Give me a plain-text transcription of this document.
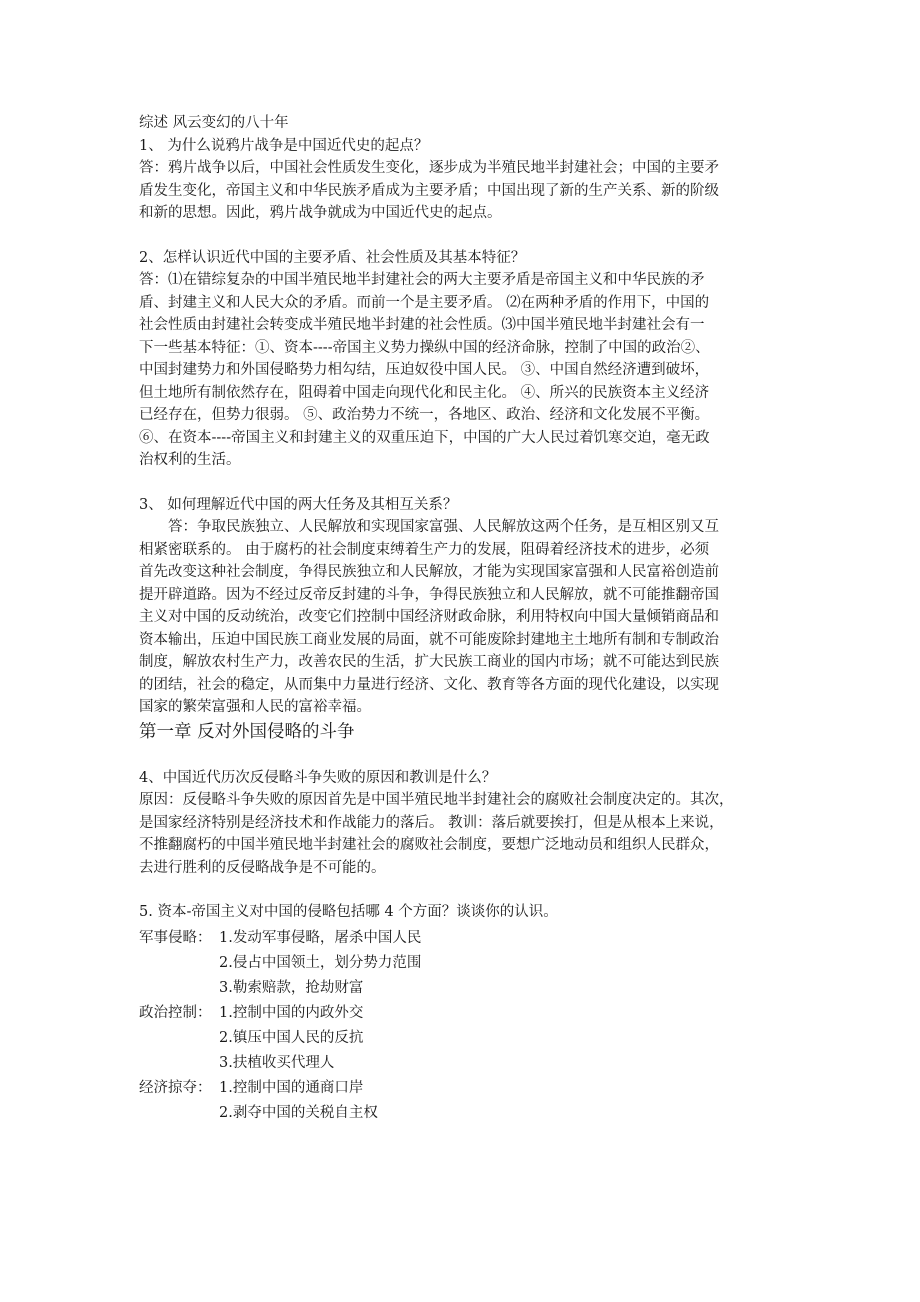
综述 风云变幻的八十年
1、 为什么说鸦片战争是中国近代史的起点？
答：鸦片战争以后，中国社会性质发生变化，逐步成为半殖民地半封建社会；中国的主要矛
盾发生变化，帝国主义和中华民族矛盾成为主要矛盾；中国出现了新的生产关系、新的阶级
和新的思想。因此，鸦片战争就成为中国近代史的起点。
2、怎样认识近代中国的主要矛盾、社会性质及其基本特征？
答：⑴在错综复杂的中国半殖民地半封建社会的两大主要矛盾是帝国主义和中华民族的矛
盾、封建主义和人民大众的矛盾。而前一个是主要矛盾。 ⑵在两种矛盾的作用下，中国的
社会性质由封建社会转变成半殖民地半封建的社会性质。⑶中国半殖民地半封建社会有一
下一些基本特征：①、资本----帝国主义势力操纵中国的经济命脉，控制了中国的政治②、
中国封建势力和外国侵略势力相勾结，压迫奴役中国人民。 ③、中国自然经济遭到破坏，
但土地所有制依然存在，阻碍着中国走向现代化和民主化。 ④、所兴的民族资本主义经济
已经存在，但势力很弱。 ⑤、政治势力不统一，各地区、政治、经济和文化发展不平衡。
⑥、在资本----帝国主义和封建主义的双重压迫下，中国的广大人民过着饥寒交迫，毫无政
治权利的生活。
3、 如何理解近代中国的两大任务及其相互关系？
答：争取民族独立、人民解放和实现国家富强、人民解放这两个任务，是互相区别又互
相紧密联系的。 由于腐朽的社会制度束缚着生产力的发展，阻碍着经济技术的进步，必须
首先改变这种社会制度，争得民族独立和人民解放，才能为实现国家富强和人民富裕创造前
提开辟道路。因为不经过反帝反封建的斗争，争得民族独立和人民解放，就不可能推翻帝国
主义对中国的反动统治，改变它们控制中国经济财政命脉，利用特权向中国大量倾销商品和
资本输出，压迫中国民族工商业发展的局面，就不可能废除封建地主土地所有制和专制政治
制度，解放农村生产力，改善农民的生活，扩大民族工商业的国内市场；就不可能达到民族
的团结，社会的稳定，从而集中力量进行经济、文化、教育等各方面的现代化建设，以实现
国家的繁荣富强和人民的富裕幸福。
第一章 反对外国侵略的斗争
4、中国近代历次反侵略斗争失败的原因和教训是什么？
原因：反侵略斗争失败的原因首先是中国半殖民地半封建社会的腐败社会制度决定的。其次，
是国家经济特别是经济技术和作战能力的落后。 教训：落后就要挨打，但是从根本上来说，
不推翻腐朽的中国半殖民地半封建社会的腐败社会制度，要想广泛地动员和组织人民群众，
去进行胜利的反侵略战争是不可能的。
5. 资本-帝国主义对中国的侵略包括哪 4 个方面？谈谈你的认识。
军事侵略： 1.发动军事侵略，屠杀中国人民
2.侵占中国领土，划分势力范围
3.勒索赔款，抢劫财富
政治控制： 1.控制中国的内政外交
2.镇压中国人民的反抗
3.扶植收买代理人
经济掠夺： 1.控制中国的通商口岸
2.剥夺中国的关税自主权
